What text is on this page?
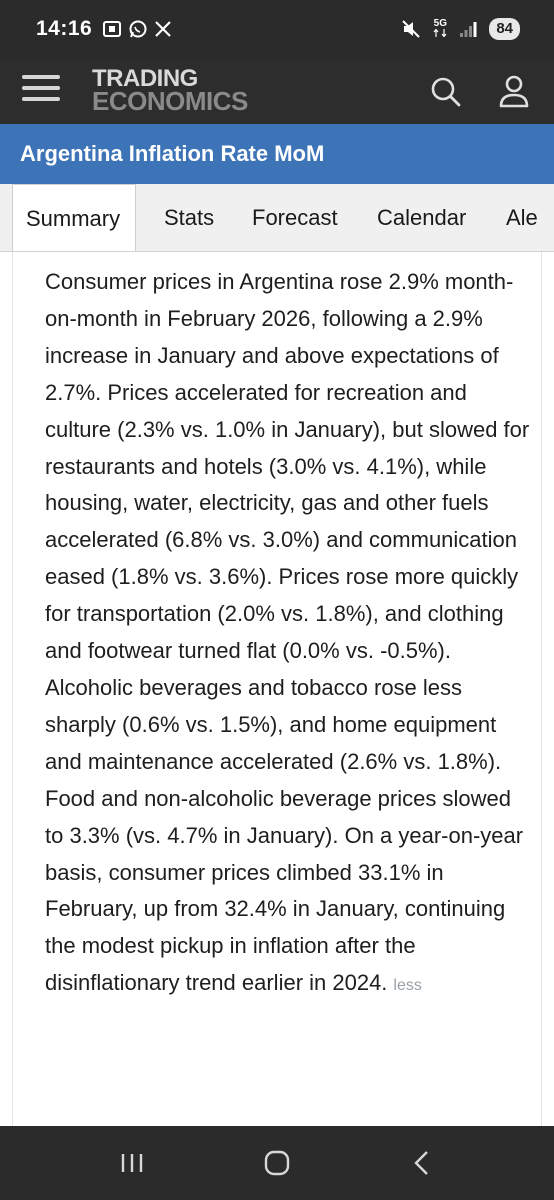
14:16	5G	84
TRADING
ECONOMICS
Argentina Inflation Rate MoM
Summary	Stats Forecast Calendar Ale

Consumer prices in Argentina rose 2.9% month-on-month in February 2026, following a 2.9% increase in January and above expectations of 2.7%. Prices accelerated for recreation and culture (2.3% vs. 1.0% in January), but slowed for restaurants and hotels (3.0% vs. 4.1%), while housing, water, electricity, gas and other fuels accelerated (6.8% vs. 3.0%) and communication eased (1.8% vs. 3.6%). Prices rose more quickly for transportation (2.0% vs. 1.8%), and clothing and footwear turned flat (0.0% vs. -0.5%). Alcoholic beverages and tobacco rose less sharply (0.6% vs. 1.5%), and home equipment and maintenance accelerated (2.6% vs. 1.8%). Food and non-alcoholic beverage prices slowed to 3.3% (vs. 4.7% in January). On a year-on-year basis, consumer prices climbed 33.1% in February, up from 32.4% in January, continuing the modest pickup in inflation after the disinflationary trend earlier in 2024. less
